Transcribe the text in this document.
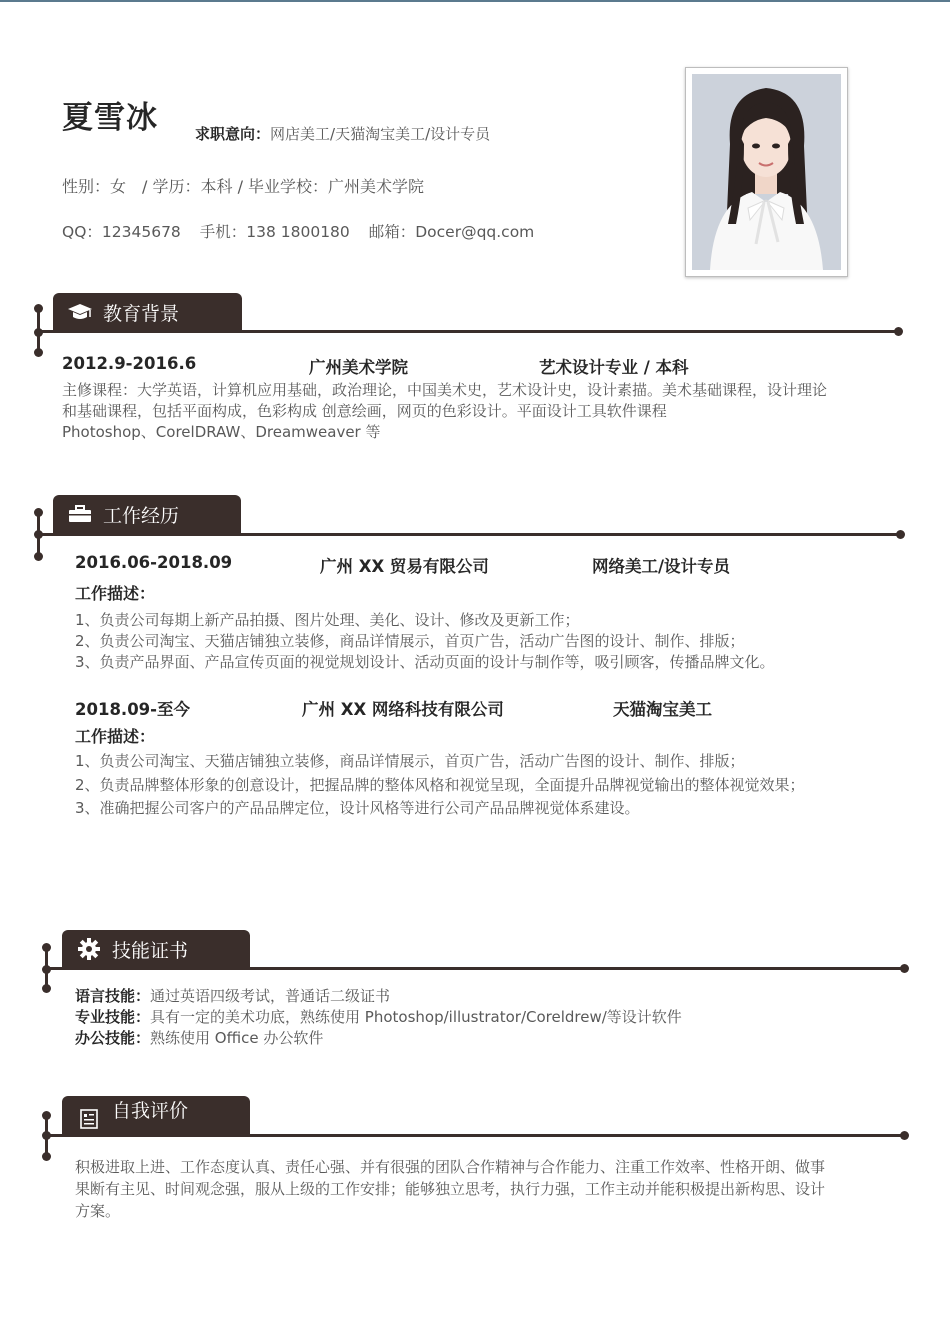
夏雪冰 求职意向：网店美工/天猫淘宝美工/设计专员
性别：女　/ 学历：本科 / 毕业学校：广州美术学院
QQ：12345678 手机：138 1800180 邮箱：Docer@qq.com
教育背景
2012.9-2016.6	广州美术学院	艺术设计专业 / 本科
主修课程：大学英语，计算机应用基础，政治理论，中国美术史，艺术设计史，设计素描。美术基础课程，设计理论
和基础课程，包括平面构成，色彩构成 创意绘画，网页的色彩设计。平面设计工具软件课程
Photoshop、CorelDRAW、Dreamweaver 等
工作经历
2016.06-2018.09	广州 XX 贸易有限公司	网络美工/设计专员
工作描述：
1、负责公司每期上新产品拍摄、图片处理、美化、设计、修改及更新工作；
2、负责公司淘宝、天猫店铺独立装修，商品详情展示，首页广告，活动广告图的设计、制作、排版；
3、负责产品界面、产品宣传页面的视觉规划设计、活动页面的设计与制作等，吸引顾客，传播品牌文化。
2018.09-至今	广州 XX 网络科技有限公司	天猫淘宝美工
工作描述：
1、负责公司淘宝、天猫店铺独立装修，商品详情展示，首页广告，活动广告图的设计、制作、排版；
2、负责品牌整体形象的创意设计，把握品牌的整体风格和视觉呈现，全面提升品牌视觉输出的整体视觉效果；
3、准确把握公司客户的产品品牌定位，设计风格等进行公司产品品牌视觉体系建设。
技能证书
语言技能：通过英语四级考试，普通话二级证书
专业技能：具有一定的美术功底，熟练使用 Photoshop/illustrator/Coreldrew/等设计软件
办公技能：熟练使用 Office 办公软件
自我评价
积极进取上进、工作态度认真、责任心强、并有很强的团队合作精神与合作能力、注重工作效率、性格开朗、做事
果断有主见、时间观念强，服从上级的工作安排；能够独立思考，执行力强，工作主动并能积极提出新构思、设计
方案。
